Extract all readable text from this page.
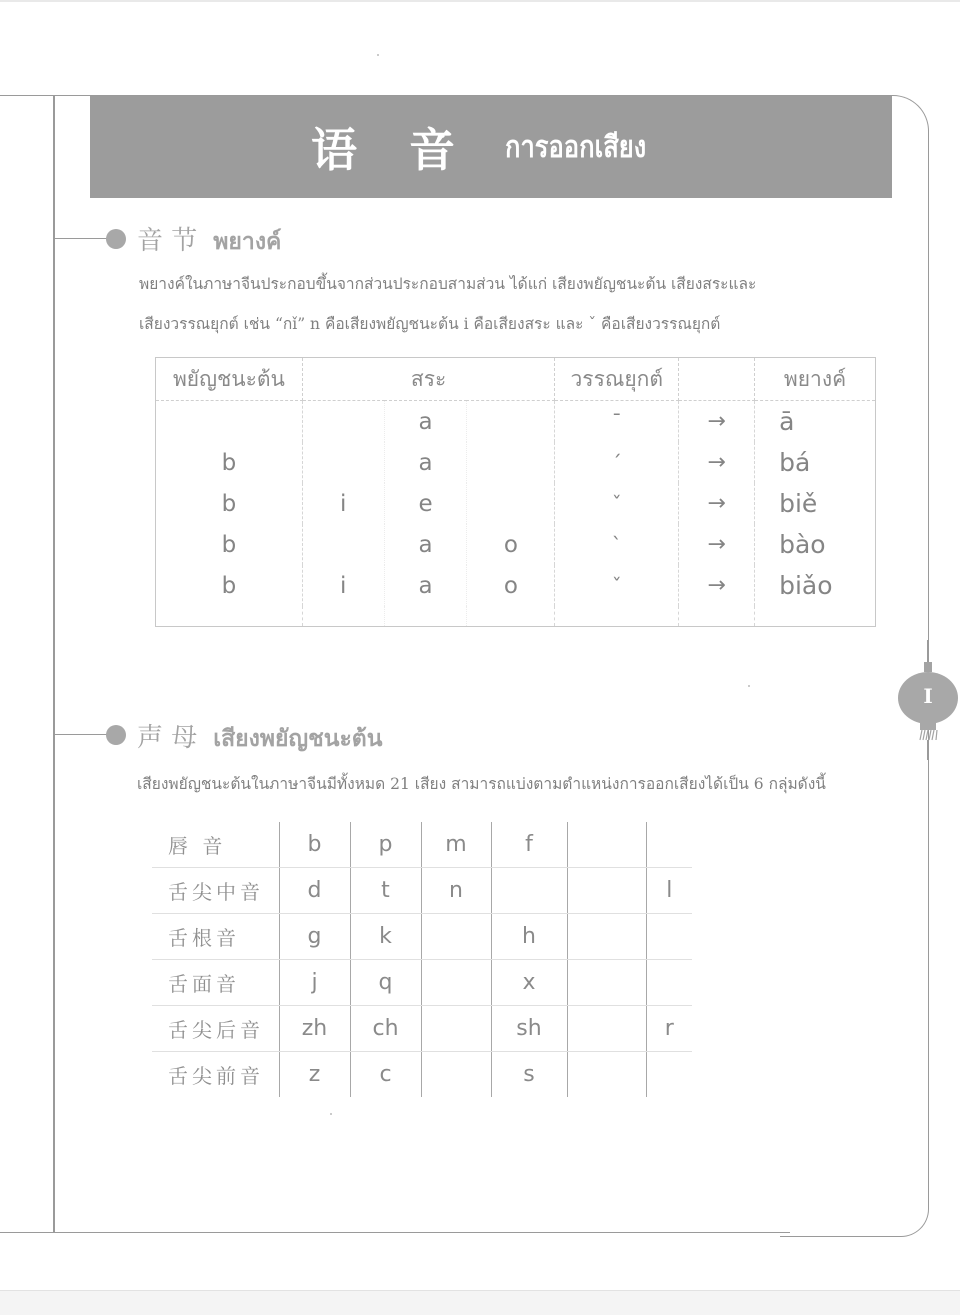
语 音 การออกเสียง
音 节 พยางค์
พยางค์ในภาษาจีนประกอบขึ้นจากส่วนประกอบสามส่วน ได้แก่ เสียงพยัญชนะต้น เสียงสระและ
เสียงวรรณยุกต์ เช่น “กǐ” n คือเสียงพยัญชนะต้น i คือเสียงสระ และ ˇ คือเสียงวรรณยุกต์
พยัญชนะต้น	สระ			วรรณยุกต์		พยางค์
		a		ˉ	→	ā
b		a		ˊ	→	bá
b	i	e		ˇ	→	biě
b		a	o	ˋ	→	bào
b	i	a	o	ˇ	→	biǎo

声 母 เสียงพยัญชนะต้น
เสียงพยัญชนะต้นในภาษาจีนมีทั้งหมด 21 เสียง สามารถแบ่งตามตำแหน่งการออกเสียงได้เป็น 6 กลุ่มดังนี้
唇 音	b	p	m	f		
舌尖中音	d	t	n			l
舌根音	g	k		h		
舌面音	j	q		x		
舌尖后音	zh	ch		sh		r
舌尖前音	z	c		s		
I
